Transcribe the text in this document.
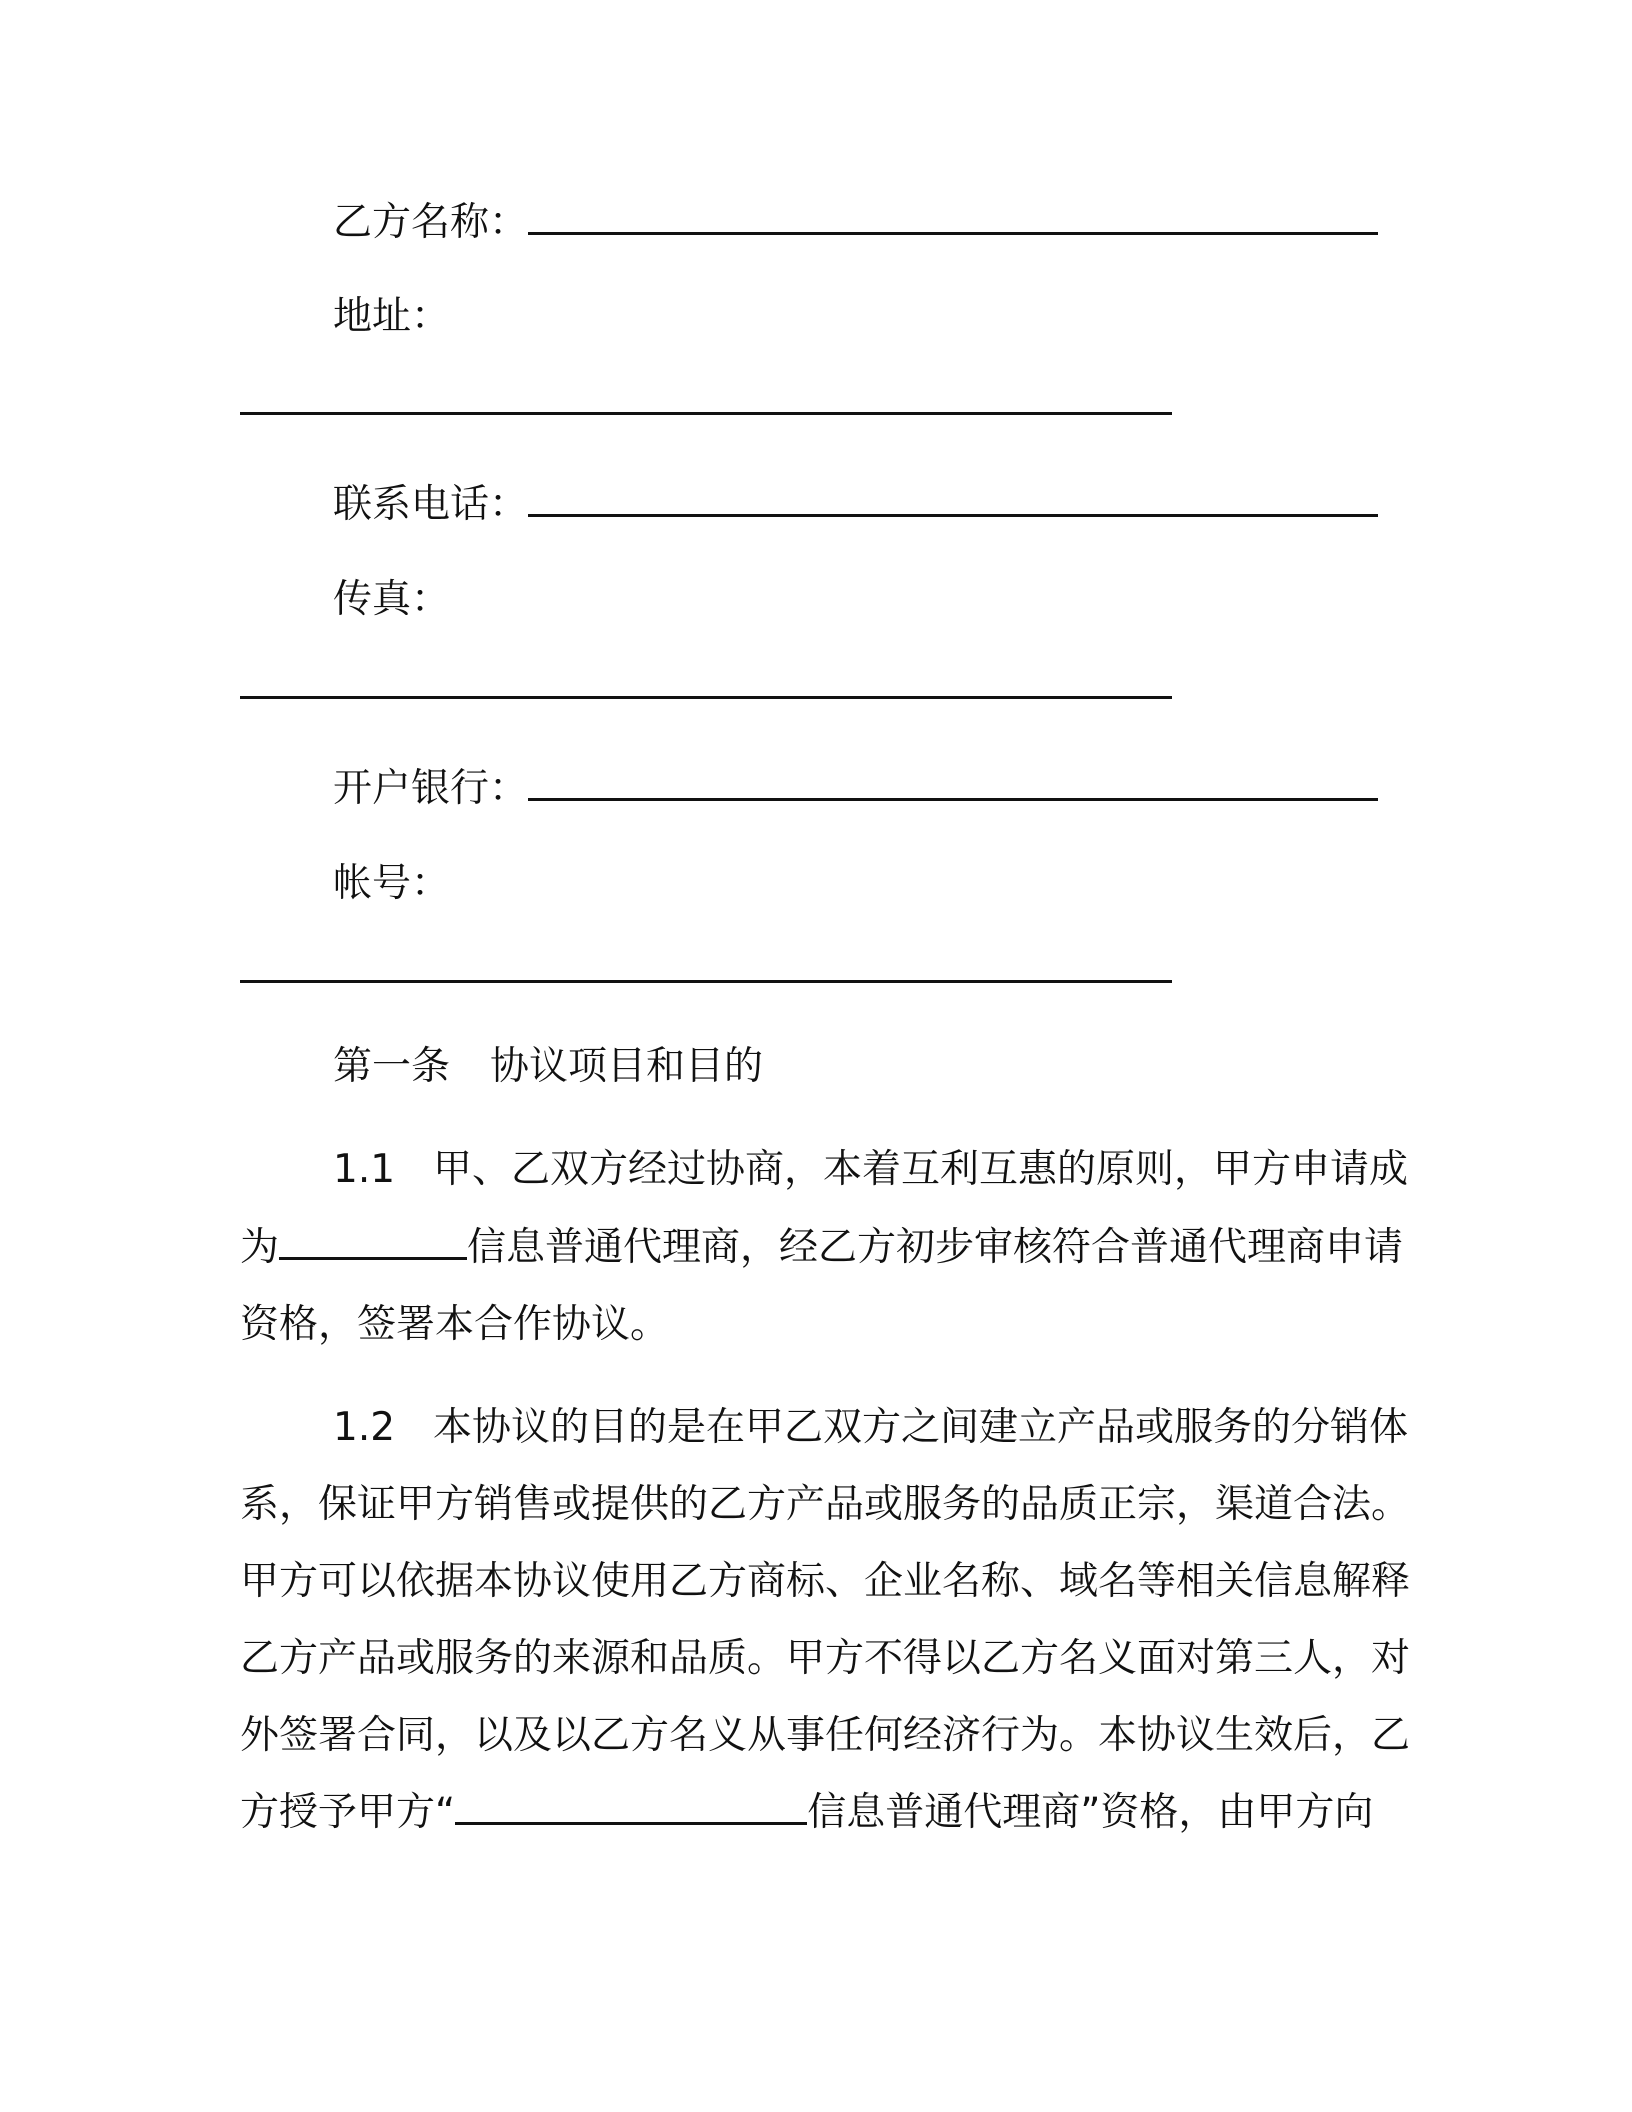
乙方名称：
地址：
联系电话：
传真：
开户银行：
帐号：
第一条 协议项目和目的
1.1 甲、乙双方经过协商，本着互利互惠的原则，甲方申请成
为	信息普通代理商，经乙方初步审核符合普通代理商申请
资格，签署本合作协议。
1.2 本协议的目的是在甲乙双方之间建立产品或服务的分销体
系，保证甲方销售或提供的乙方产品或服务的品质正宗，渠道合法。
甲方可以依据本协议使用乙方商标、企业名称、域名等相关信息解释
乙方产品或服务的来源和品质。甲方不得以乙方名义面对第三人，对
外签署合同，以及以乙方名义从事任何经济行为。本协议生效后，乙
方授予甲方“	信息普通代理商”资格，由甲方向
